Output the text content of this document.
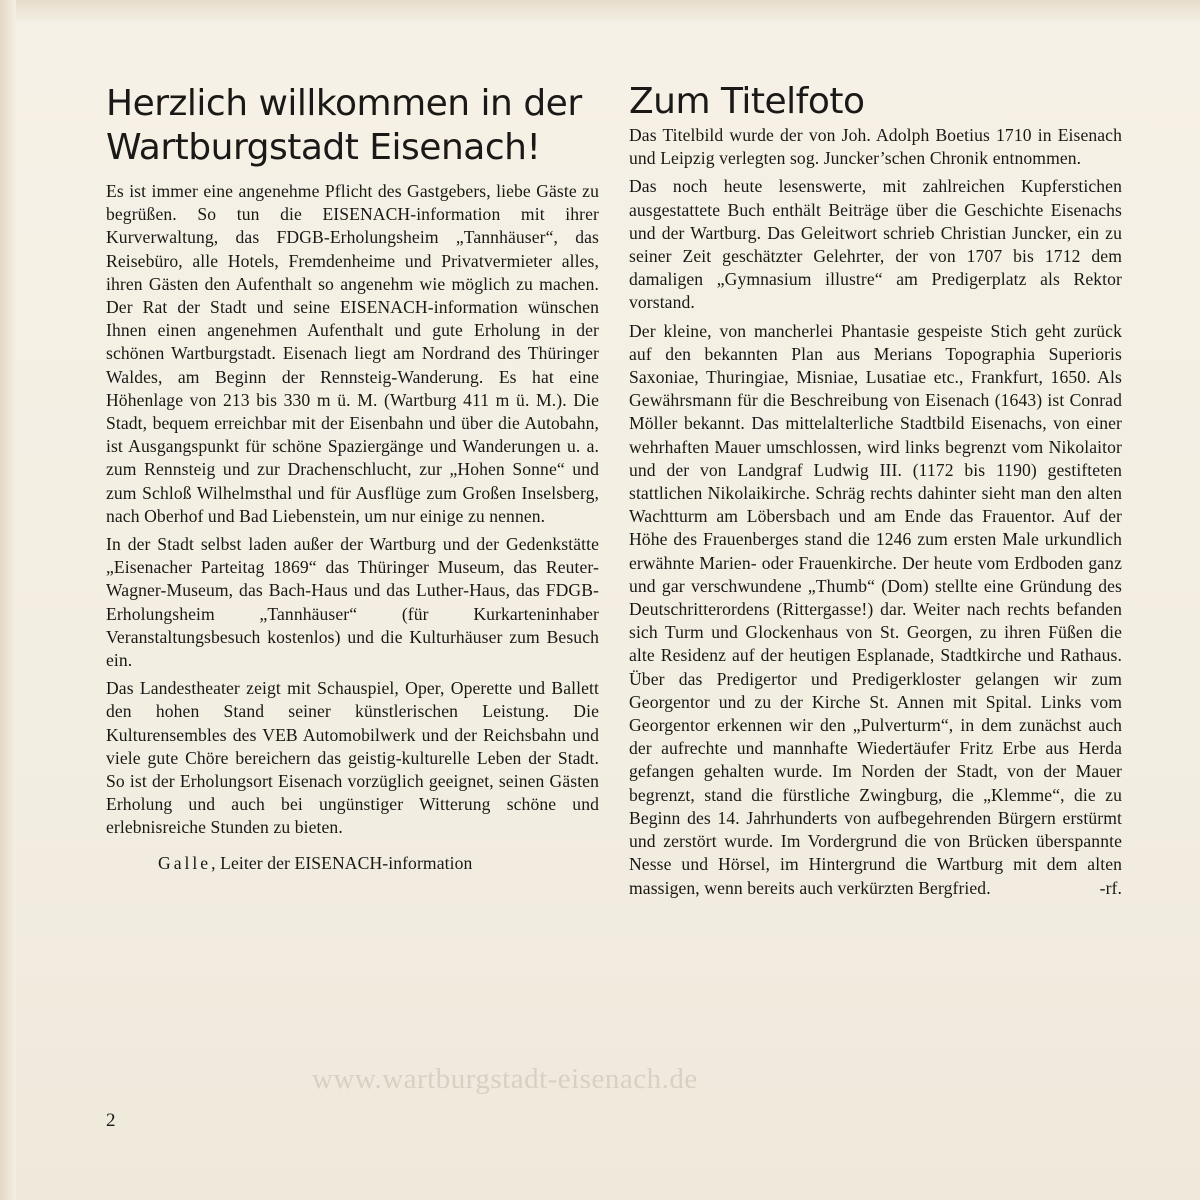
Herzlich willkommen in der Wartburgstadt Eisenach!

Es ist immer eine angenehme Pflicht des Gastgebers, liebe Gäste zu begrüßen. So tun die EISENACH-information mit ihrer Kurverwaltung, das FDGB-Erholungsheim „Tannhäuser“, das Reisebüro, alle Hotels, Fremdenheime und Privatvermieter alles, ihren Gästen den Aufenthalt so angenehm wie möglich zu machen. Der Rat der Stadt und seine EISENACH-information wünschen Ihnen einen angenehmen Aufenthalt und gute Erholung in der schönen Wartburgstadt. Eisenach liegt am Nordrand des Thüringer Waldes, am Beginn der Rennsteig-Wanderung. Es hat eine Höhenlage von 213 bis 330 m ü. M. (Wartburg 411 m ü. M.). Die Stadt, bequem erreichbar mit der Eisenbahn und über die Autobahn, ist Ausgangspunkt für schöne Spaziergänge und Wanderungen u. a. zum Rennsteig und zur Drachenschlucht, zur „Hohen Sonne“ und zum Schloß Wilhelmsthal und für Ausflüge zum Großen Inselsberg, nach Oberhof und Bad Liebenstein, um nur einige zu nennen.

In der Stadt selbst laden außer der Wartburg und der Gedenkstätte „Eisenacher Parteitag 1869“ das Thüringer Museum, das Reuter-Wagner-Museum, das Bach-Haus und das Luther-Haus, das FDGB-Erholungsheim „Tannhäuser“ (für Kurkarteninhaber Veranstaltungsbesuch kostenlos) und die Kulturhäuser zum Besuch ein.

Das Landestheater zeigt mit Schauspiel, Oper, Operette und Ballett den hohen Stand seiner künstlerischen Leistung. Die Kulturensembles des VEB Automobilwerk und der Reichsbahn und viele gute Chöre bereichern das geistig-kulturelle Leben der Stadt. So ist der Erholungsort Eisenach vorzüglich geeignet, seinen Gästen Erholung und auch bei ungünstiger Witterung schöne und erlebnisreiche Stunden zu bieten.

Galle, Leiter der EISENACH-information

Zum Titelfoto

Das Titelbild wurde der von Joh. Adolph Boetius 1710 in Eisenach und Leipzig verlegten sog. Juncker’schen Chronik entnommen.

Das noch heute lesenswerte, mit zahlreichen Kupferstichen ausgestattete Buch enthält Beiträge über die Geschichte Eisenachs und der Wartburg. Das Geleitwort schrieb Christian Juncker, ein zu seiner Zeit geschätzter Gelehrter, der von 1707 bis 1712 dem damaligen „Gymnasium illustre“ am Predigerplatz als Rektor vorstand.

Der kleine, von mancherlei Phantasie gespeiste Stich geht zurück auf den bekannten Plan aus Merians Topographia Superioris Saxoniae, Thuringiae, Misniae, Lusatiae etc., Frankfurt, 1650. Als Gewährsmann für die Beschreibung von Eisenach (1643) ist Conrad Möller bekannt. Das mittelalterliche Stadtbild Eisenachs, von einer wehrhaften Mauer umschlossen, wird links begrenzt vom Nikolaitor und der von Landgraf Ludwig III. (1172 bis 1190) gestifteten stattlichen Nikolaikirche. Schräg rechts dahinter sieht man den alten Wachtturm am Löbersbach und am Ende das Frauentor. Auf der Höhe des Frauenberges stand die 1246 zum ersten Male urkundlich erwähnte Marien- oder Frauenkirche. Der heute vom Erdboden ganz und gar verschwundene „Thumb“ (Dom) stellte eine Gründung des Deutschritterordens (Rittergasse!) dar. Weiter nach rechts befanden sich Turm und Glockenhaus von St. Georgen, zu ihren Füßen die alte Residenz auf der heutigen Esplanade, Stadtkirche und Rathaus. Über das Predigertor und Predigerkloster gelangen wir zum Georgentor und zu der Kirche St. Annen mit Spital. Links vom Georgentor erkennen wir den „Pulverturm“, in dem zunächst auch der aufrechte und mannhafte Wiedertäufer Fritz Erbe aus Herda gefangen gehalten wurde. Im Norden der Stadt, von der Mauer begrenzt, stand die fürstliche Zwingburg, die „Klemme“, die zu Beginn des 14. Jahrhunderts von aufbegehrenden Bürgern erstürmt und zerstört wurde. Im Vordergrund die von Brücken überspannte Nesse und Hörsel, im Hintergrund die Wartburg mit dem alten massigen, wenn bereits auch verkürzten Bergfried.	-rf.

www.wartburgstadt-eisenach.de
2
